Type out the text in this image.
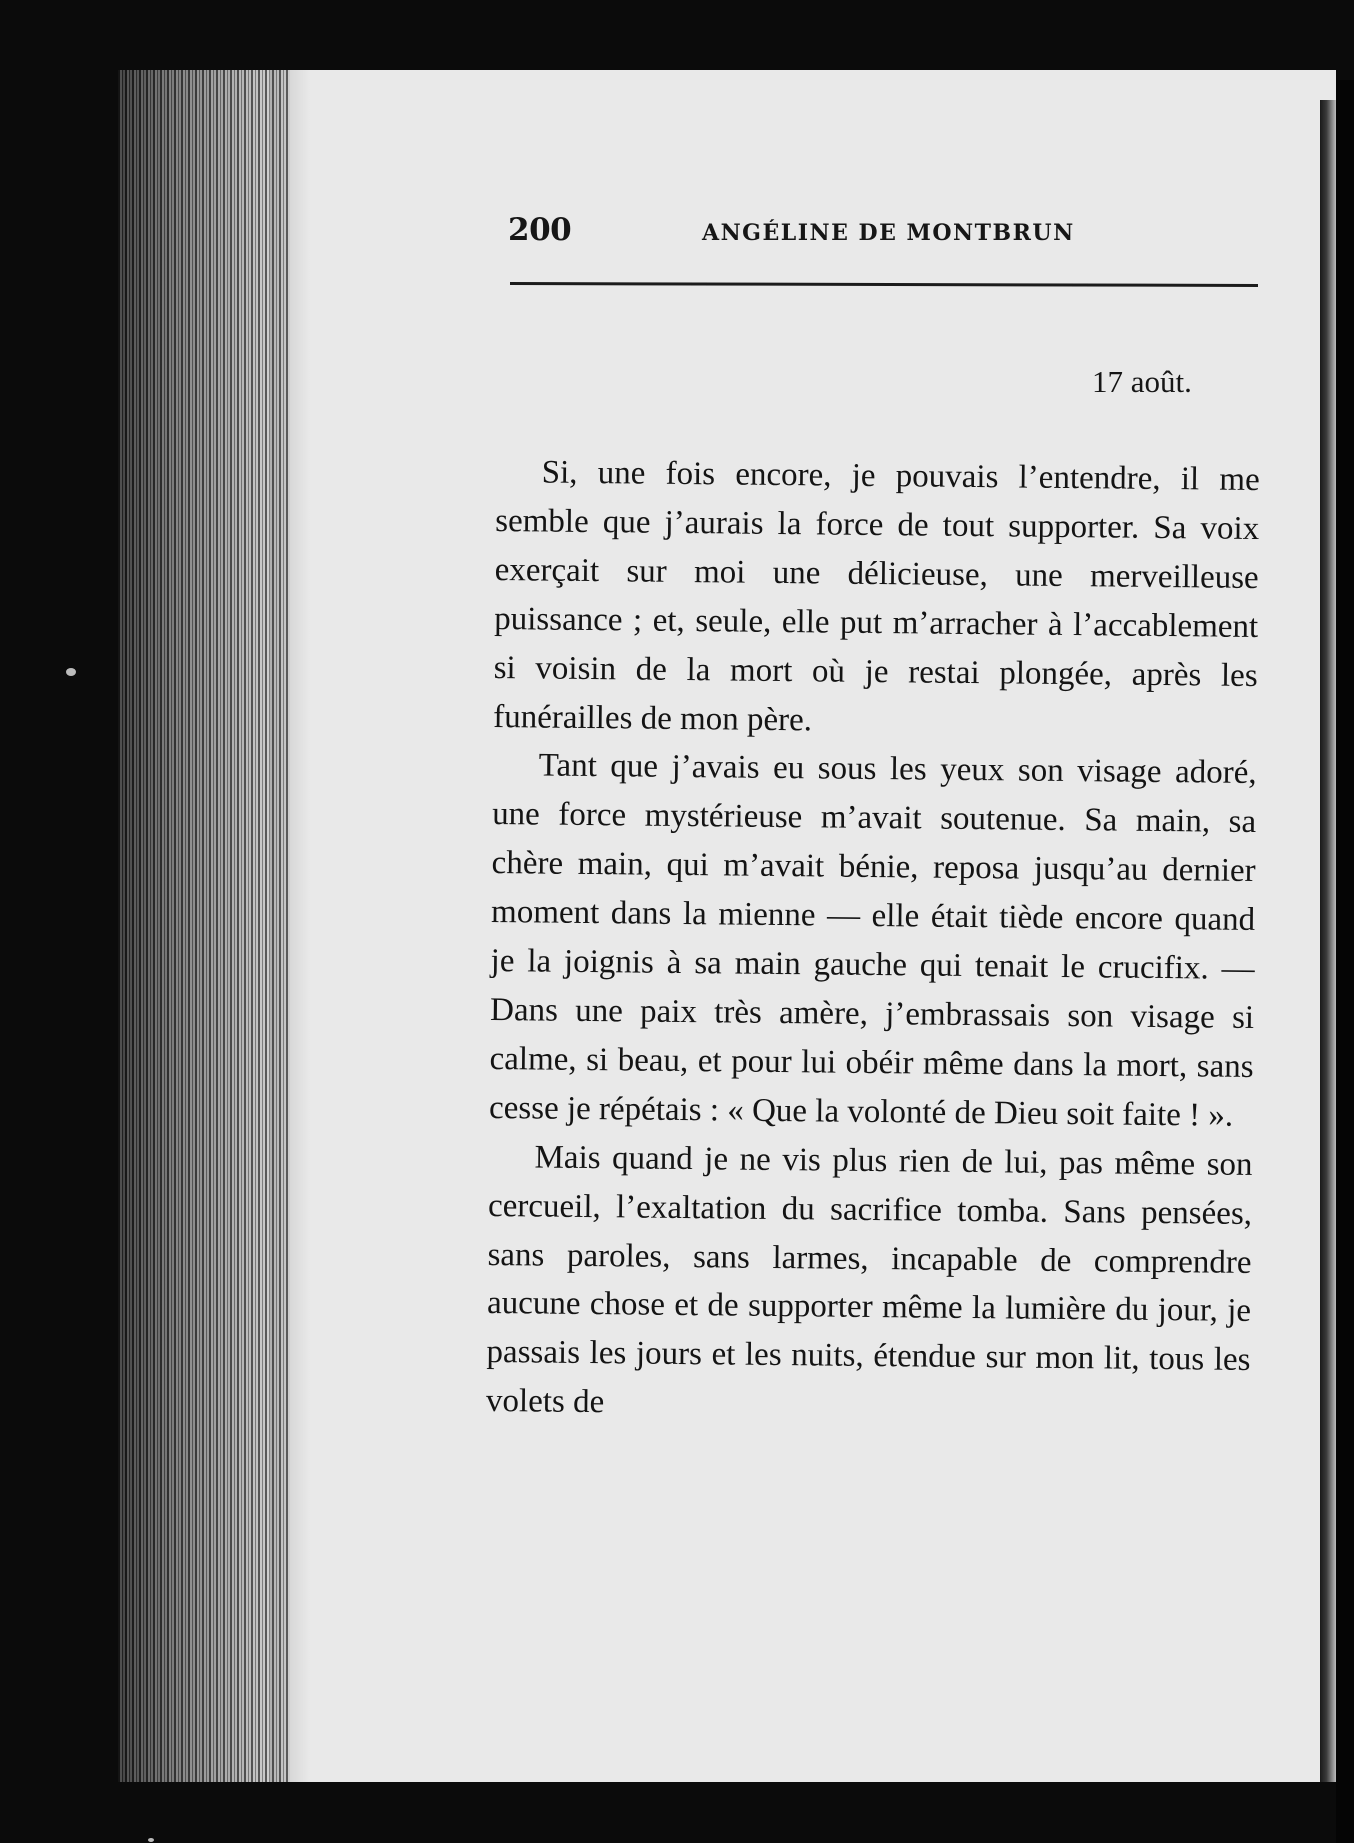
200	ANGÉLINE DE MONTBRUN
17 août.

Si, une fois encore, je pouvais l’entendre, il me semble que j’aurais la force de tout supporter. Sa voix exerçait sur moi une délicieuse, une merveilleuse puissance ; et, seule, elle put m’arracher à l’accablement si voisin de la mort où je restai plongée, après les funérailles de mon père.

Tant que j’avais eu sous les yeux son visage adoré, une force mystérieuse m’avait soutenue. Sa main, sa chère main, qui m’avait bénie, reposa jusqu’au dernier moment dans la mienne — elle était tiède encore quand je la joignis à sa main gauche qui tenait le crucifix. — Dans une paix très amère, j’embrassais son visage si calme, si beau, et pour lui obéir même dans la mort, sans cesse je répétais : « Que la volonté de Dieu soit faite ! ».

Mais quand je ne vis plus rien de lui, pas même son cercueil, l’exaltation du sacrifice tomba. Sans pensées, sans paroles, sans larmes, incapable de comprendre aucune chose et de supporter même la lumière du jour, je passais les jours et les nuits, étendue sur mon lit, tous les volets de
